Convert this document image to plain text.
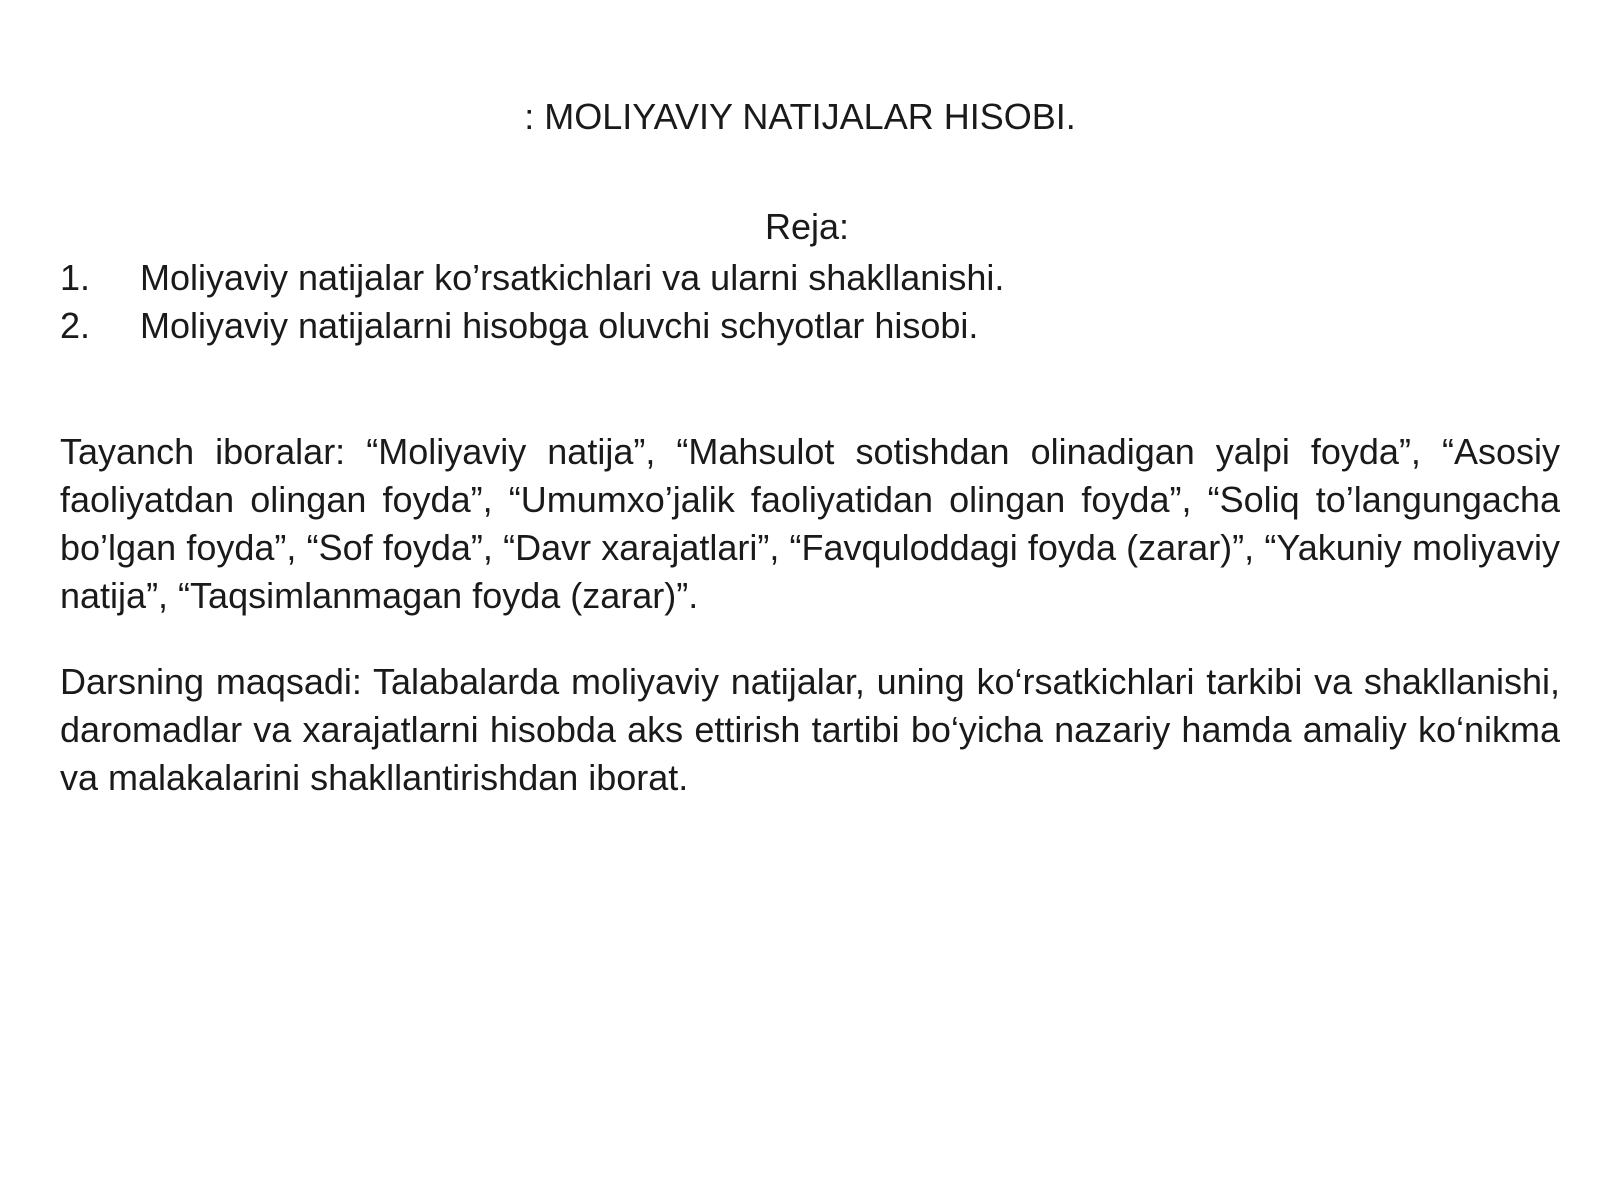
: MOLIYAVIY NATIJALAR HISOBI.
Reja:
1.	Moliyaviy natijalar ko’rsatkichlari va ularni shakllanishi.
2.	Moliyaviy natijalarni hisobga oluvchi schyotlar hisobi.

Tayanch iboralar: “Moliyaviy natija”, “Mahsulot sotishdan olinadigan yalpi foyda”, “Asosiy faoliyatdan olingan foyda”, “Umumxo’jalik faoliyatidan olingan foyda”, “Soliq to’langungacha bo’lgan foyda”, “Sof foyda”, “Davr xarajatlari”, “Favquloddagi foyda (zarar)”, “Yakuniy moliyaviy natija”, “Taqsimlanmagan foyda (zarar)”.

Darsning maqsadi: Talabalarda moliyaviy natijalar, uning ko‘rsatkichlari tarkibi va shakllanishi, daromadlar va xarajatlarni hisobda aks ettirish tartibi bo‘yicha nazariy hamda amaliy ko‘nikma va malakalarini shakllantirishdan iborat.
